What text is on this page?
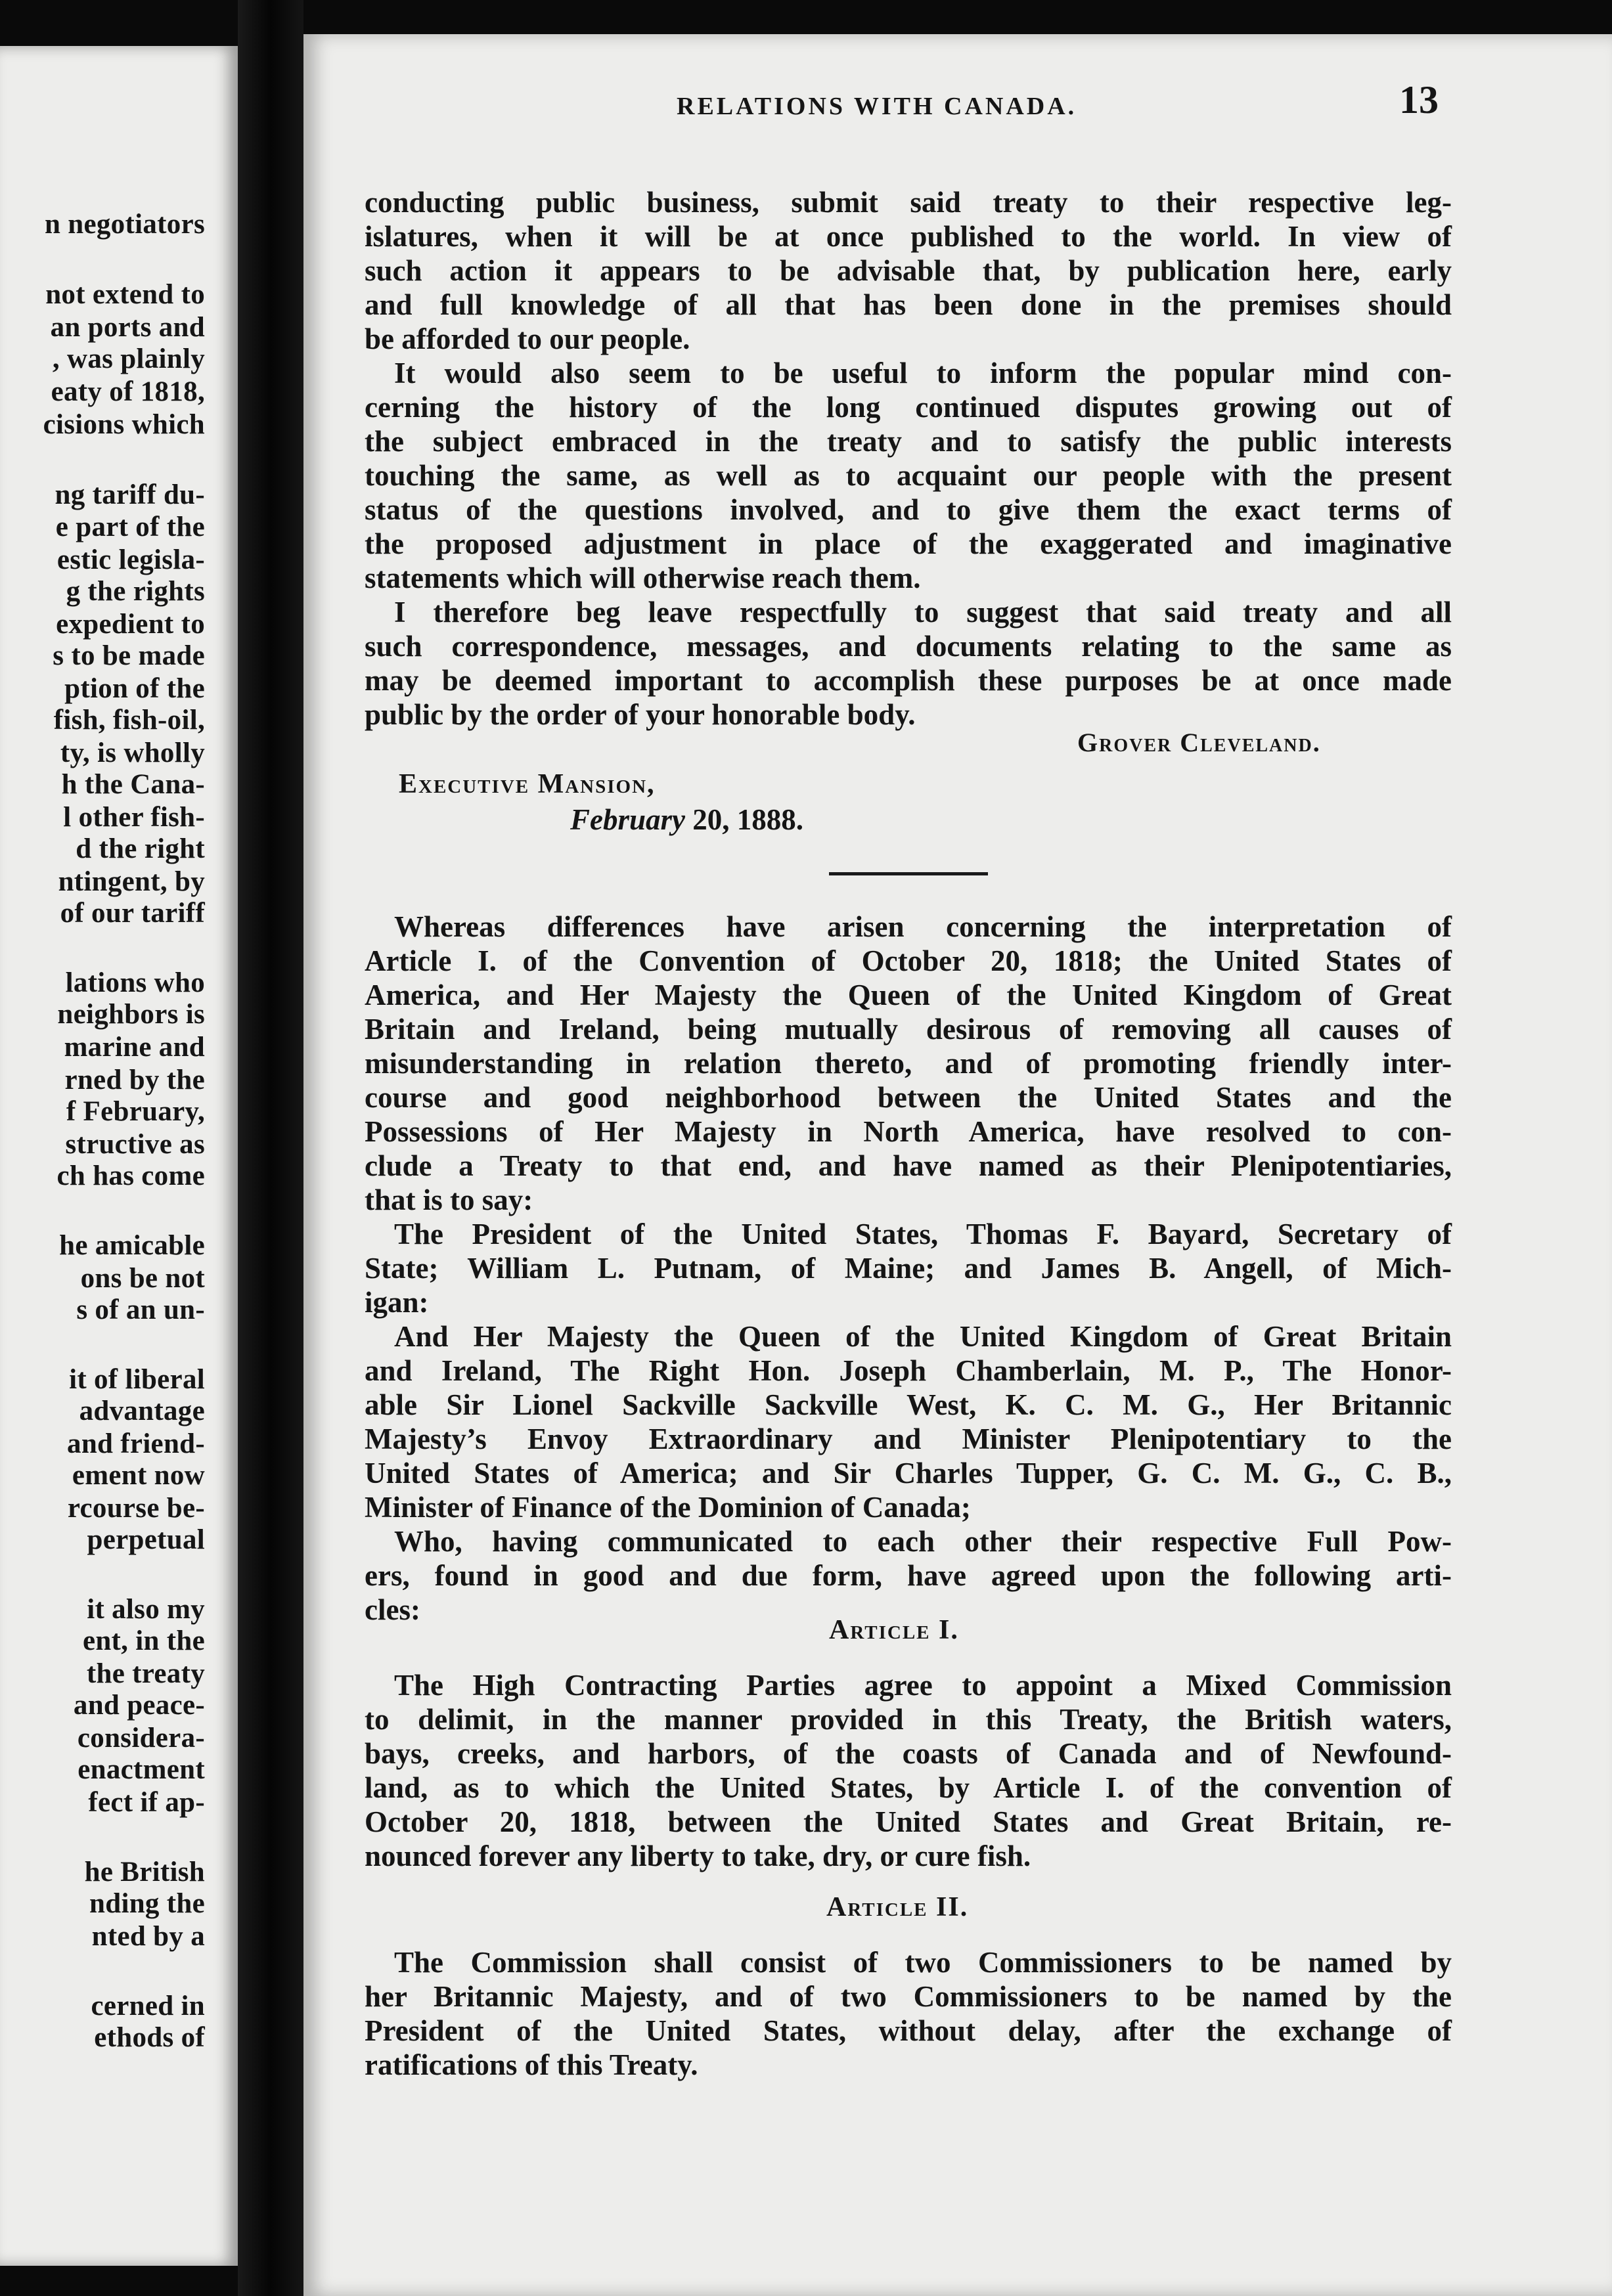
RELATIONS WITH CANADA.	13
conducting public business, submit said treaty to their respective leg-
islatures, when it will be at once published to the world. In view of
such action it appears to be advisable that, by publication here, early
and full knowledge of all that has been done in the premises should
be afforded to our people.
It would also seem to be useful to inform the popular mind con-
cerning the history of the long continued disputes growing out of
the subject embraced in the treaty and to satisfy the public interests
touching the same, as well as to acquaint our people with the present
status of the questions involved, and to give them the exact terms of
the proposed adjustment in place of the exaggerated and imaginative
statements which will otherwise reach them.
I therefore beg leave respectfully to suggest that said treaty and all
such correspondence, messages, and documents relating to the same as
may be deemed important to accomplish these purposes be at once made
public by the order of your honorable body.
Whereas differences have arisen concerning the interpretation of
Article I. of the Convention of October 20, 1818; the United States of
America, and Her Majesty the Queen of the United Kingdom of Great
Britain and Ireland, being mutually desirous of removing all causes of
misunderstanding in relation thereto, and of promoting friendly inter-
course and good neighborhood between the United States and the
Possessions of Her Majesty in North America, have resolved to con-
clude a Treaty to that end, and have named as their Plenipotentiaries,
that is to say:
The President of the United States, Thomas F. Bayard, Secretary of
State; William L. Putnam, of Maine; and James B. Angell, of Mich-
igan:
And Her Majesty the Queen of the United Kingdom of Great Britain
and Ireland, The Right Hon. Joseph Chamberlain, M. P., The Honor-
able Sir Lionel Sackville Sackville West, K. C. M. G., Her Britannic
Majesty’s Envoy Extraordinary and Minister Plenipotentiary to the
United States of America; and Sir Charles Tupper, G. C. M. G., C. B.,
Minister of Finance of the Dominion of Canada;
Who, having communicated to each other their respective Full Pow-
ers, found in good and due form, have agreed upon the following arti-
cles:
The High Contracting Parties agree to appoint a Mixed Commission
to delimit, in the manner provided in this Treaty, the British waters,
bays, creeks, and harbors, of the coasts of Canada and of Newfound-
land, as to which the United States, by Article I. of the convention of
October 20, 1818, between the United States and Great Britain, re-
nounced forever any liberty to take, dry, or cure fish.
The Commission shall consist of two Commissioners to be named by
her Britannic Majesty, and of two Commissioners to be named by the
President of the United States, without delay, after the exchange of
ratifications of this Treaty.
Grover Cleveland.
Executive Mansion,
February 20, 1888.
Article I.
Article II.
n negotiators
not extend to
an ports and
, was plainly
eaty of 1818,
cisions which
ng tariff du-
e part of the
estic legisla-
g the rights
expedient to
s to be made
ption of the
fish, fish-oil,
ty, is wholly
h the Cana-
l other fish-
d the right
ntingent, by
of our tariff
lations who
neighbors is
marine and
rned by the
f February,
structive as
ch has come
he amicable
ons be not
s of an un-
it of liberal
advantage
and friend-
ement now
rcourse be-
perpetual
it also my
ent, in the
the treaty
and peace-
considera-
enactment
fect if ap-
he British
nding the
nted by a
cerned in
ethods of
